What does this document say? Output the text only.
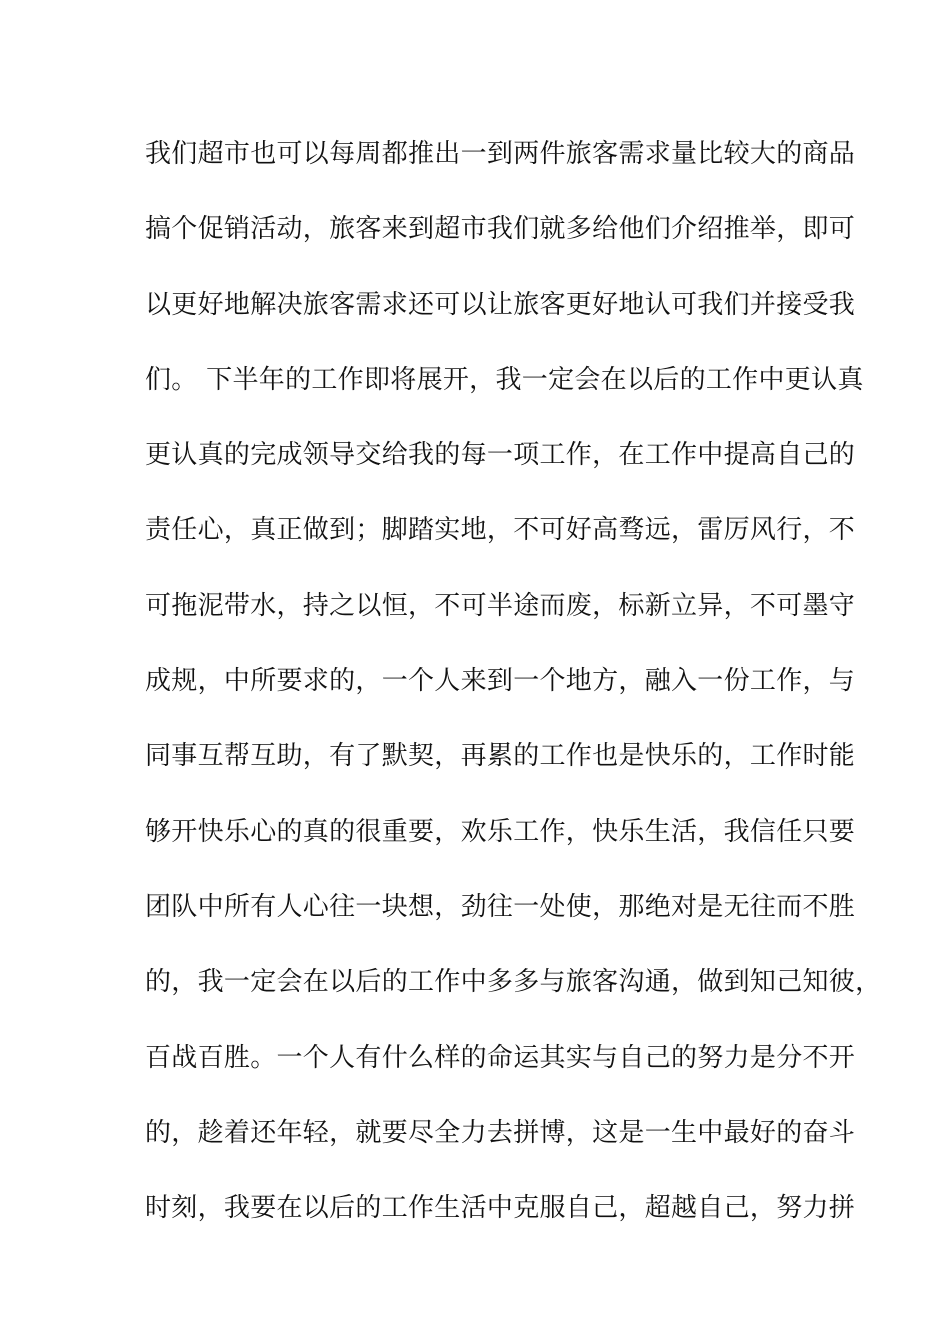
我们超市也可以每周都推出一到两件旅客需求量比较大的商品
搞个促销活动，旅客来到超市我们就多给他们介绍推举，即可
以更好地解决旅客需求还可以让旅客更好地认可我们并接受我
们。 下半年的工作即将展开，我一定会在以后的工作中更认真
更认真的完成领导交给我的每一项工作，在工作中提高自己的
责任心，真正做到；脚踏实地，不可好高骛远，雷厉风行，不
可拖泥带水，持之以恒，不可半途而废，标新立异，不可墨守
成规，中所要求的，一个人来到一个地方，融入一份工作，与
同事互帮互助，有了默契，再累的工作也是快乐的，工作时能
够开快乐心的真的很重要，欢乐工作，快乐生活，我信任只要
团队中所有人心往一块想，劲往一处使，那绝对是无往而不胜
的，我一定会在以后的工作中多多与旅客沟通，做到知己知彼，
百战百胜。一个人有什么样的命运其实与自己的努力是分不开
的，趁着还年轻，就要尽全力去拼博，这是一生中最好的奋斗
时刻，我要在以后的工作生活中克服自己，超越自己，努力拼
